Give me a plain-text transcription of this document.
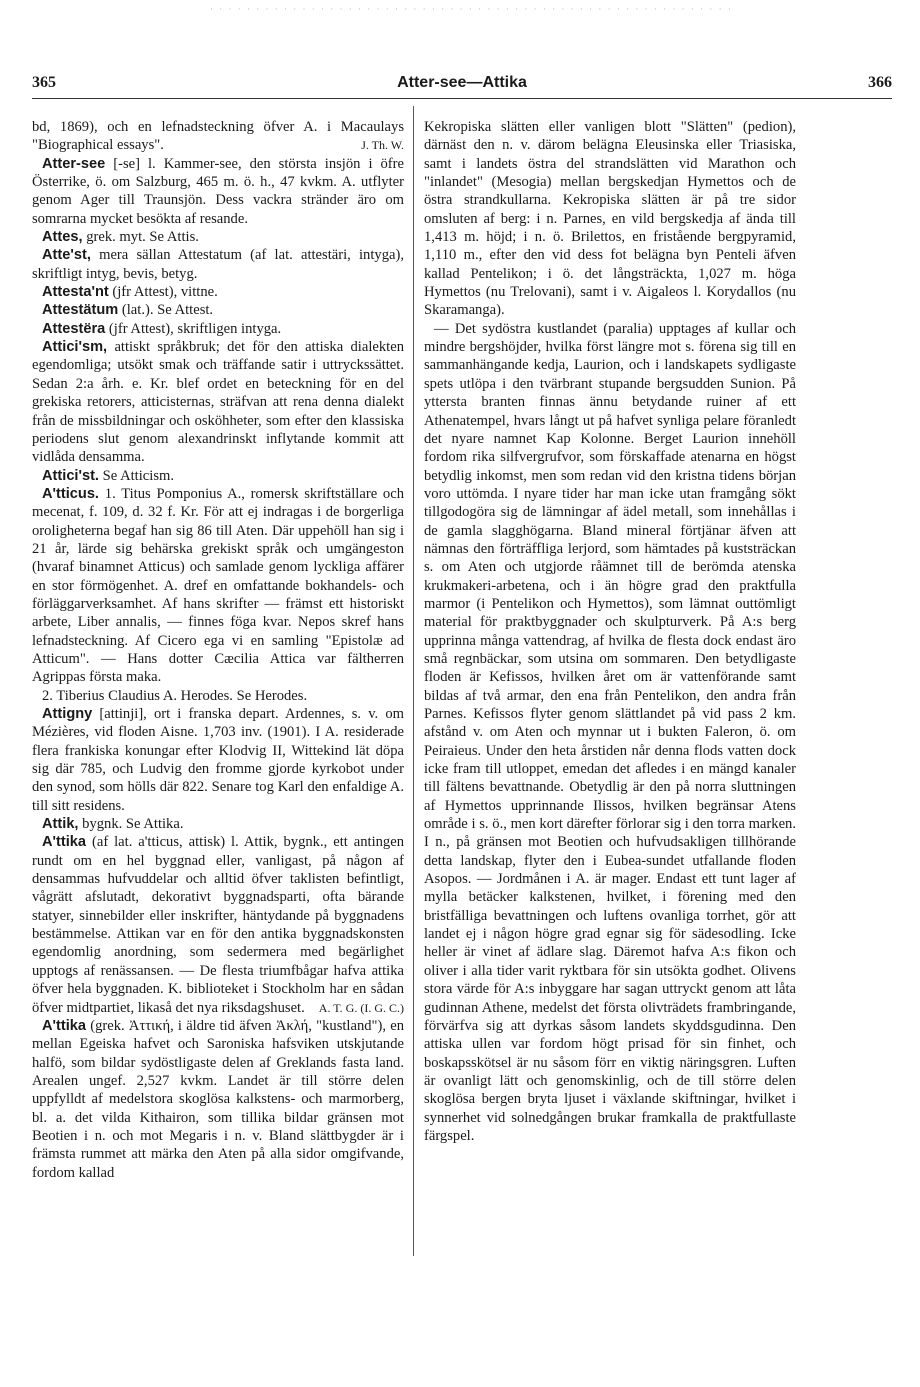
· · · · · · · · · · · · · · · · · · · · · · · · · · · · · · · · · · · · · · · · · · · · · · · · · · · · · · · · ·
365	Atter-see—Attika	366

bd, 1869), och en lefnadsteckning öfver A. i Macaulays "Biographical essays".	J. Th. W.

Atter-see [-se] l. Kammer-see, den största insjön i öfre Österrike, ö. om Salzburg, 465 m. ö. h., 47 kvkm. A. utflyter genom Ager till Traunsjön. Dess vackra stränder äro om somrarna mycket besökta af resande.

Attes, grek. myt. Se Attis.

Atte'st, mera sällan Attestatum (af lat. attestäri, intyga), skriftligt intyg, bevis, betyg.

Attesta'nt (jfr Attest), vittne.

Attestätum (lat.). Se Attest.

Attestëra (jfr Attest), skriftligen intyga.

Attici'sm, attiskt språkbruk; det för den attiska dialekten egendomliga; utsökt smak och träffande satir i uttryckssättet. Sedan 2:a årh. e. Kr. blef ordet en beteckning för en del grekiska retorers, atticisternas, sträfvan att rena denna dialekt från de missbildningar och osköhheter, som efter den klassiska periodens slut genom alexandrinskt inflytande kommit att vidlåda densamma.

Attici'st. Se Atticism.

A'tticus. 1. Titus Pomponius A., romersk skriftställare och mecenat, f. 109, d. 32 f. Kr. För att ej indragas i de borgerliga oroligheterna begaf han sig 86 till Aten. Där uppehöll han sig i 21 år, lärde sig behärska grekiskt språk och umgängeston (hvaraf binamnet Atticus) och samlade genom lyckliga affärer en stor förmögenhet. A. dref en omfattande bokhandels- och förläggarverksamhet. Af hans skrifter — främst ett historiskt arbete, Liber annalis, — finnes föga kvar. Nepos skref hans lefnadsteckning. Af Cicero ega vi en samling "Epistolæ ad Atticum". — Hans dotter Cæcilia Attica var fältherren Agrippas första maka.

2. Tiberius Claudius A. Herodes. Se Herodes.

Attigny [attinji], ort i franska depart. Ardennes, s. v. om Mézières, vid floden Aisne. 1,703 inv. (1901). I A. residerade flera frankiska konungar efter Klodvig II, Wittekind lät döpa sig där 785, och Ludvig den fromme gjorde kyrkobot under den synod, som hölls där 822. Senare tog Karl den enfaldige A. till sitt residens.

Attik, bygnk. Se Attika.

A'ttika (af lat. a'tticus, attisk) l. Attik, bygnk., ett antingen rundt om en hel byggnad eller, vanligast, på någon af densammas hufvuddelar och alltid öfver taklisten befintligt, vågrätt afslutadt, dekorativt byggnadsparti, ofta bärande statyer, sinnebilder eller inskrifter, häntydande på byggnadens bestämmelse. Attikan var en för den antika byggnadskonsten egendomlig anordning, som sedermera med begärlighet upptogs af renässansen. — De flesta triumfbågar hafva attika öfver hela byggnaden. K. biblioteket i Stockholm har en sådan öfver midtpartiet, likaså det nya riksdagshuset.	A. T. G. (I. G. C.)

A'ttika (grek. Ἀττική, i äldre tid äfven Ἀκλή, "kustland"), en mellan Egeiska hafvet och Saroniska hafsviken utskjutande halfö, som bildar sydöstligaste delen af Greklands fasta land. Arealen ungef. 2,527 kvkm. Landet är till större delen uppfylldt af medelstora skoglösa kalkstens- och marmorberg, bl. a. det vilda Kithairon, som tillika bildar gränsen mot Beotien i n. och mot Megaris i n. v. Bland slättbygder är i främsta rummet att märka den Aten på alla sidor omgifvande, fordom kallad

Kekropiska slätten eller vanligen blott "Slätten" (pedion), därnäst den n. v. därom belägna Eleusinska eller Triasiska, samt i landets östra del strandslätten vid Marathon och "inlandet" (Mesogia) mellan bergskedjan Hymettos och de östra strandkullarna. Kekropiska slätten är på tre sidor omsluten af berg: i n. Parnes, en vild bergskedja af ända till 1,413 m. höjd; i n. ö. Brilettos, en fristående bergpyramid, 1,110 m., efter den vid dess fot belägna byn Penteli äfven kallad Pentelikon; i ö. det långsträckta, 1,027 m. höga Hymettos (nu Trelovani), samt i v. Aigaleos l. Korydallos (nu Skaramanga).

— Det sydöstra kustlandet (paralia) upptages af kullar och mindre bergshöjder, hvilka först längre mot s. förena sig till en sammanhängande kedja, Laurion, och i landskapets sydligaste spets utlöpa i den tvärbrant stupande bergsudden Sunion. På yttersta branten finnas ännu betydande ruiner af ett Athenatempel, hvars långt ut på hafvet synliga pelare föranledt det nyare namnet Kap Kolonne. Berget Laurion innehöll fordom rika silfvergrufvor, som förskaffade atenarna en högst betydlig inkomst, men som redan vid den kristna tidens början voro uttömda. I nyare tider har man icke utan framgång sökt tillgodogöra sig de lämningar af ädel metall, som innehållas i de gamla slagghögarna. Bland mineral förtjänar äfven att nämnas den förträffliga lerjord, som hämtades på kuststräckan s. om Aten och utgjorde råämnet till de berömda atenska krukmakeri-arbetena, och i än högre grad den praktfulla marmor (i Pentelikon och Hymettos), som lämnat outtömligt material för praktbyggnader och skulpturverk. På A:s berg upprinna många vattendrag, af hvilka de flesta dock endast äro små regnbäckar, som utsina om sommaren. Den betydligaste floden är Kefissos, hvilken året om är vattenförande samt bildas af två armar, den ena från Pentelikon, den andra från Parnes. Kefissos flyter genom slättlandet på vid pass 2 km. afstånd v. om Aten och mynnar ut i bukten Faleron, ö. om Peiraieus. Under den heta årstiden når denna flods vatten dock icke fram till utloppet, emedan det afledes i en mängd kanaler till fältens bevattnande. Obetydlig är den på norra sluttningen af Hymettos upprinnande Ilissos, hvilken begränsar Atens område i s. ö., men kort därefter förlorar sig i den torra marken. I n., på gränsen mot Beotien och hufvudsakligen tillhörande detta landskap, flyter den i Eubea-sundet utfallande floden Asopos. — Jordmånen i A. är mager. Endast ett tunt lager af mylla betäcker kalkstenen, hvilket, i förening med den bristfälliga bevattningen och luftens ovanliga torrhet, gör att landet ej i någon högre grad egnar sig för sädesodling. Icke heller är vinet af ädlare slag. Däremot hafva A:s fikon och oliver i alla tider varit ryktbara för sin utsökta godhet. Olivens stora värde för A:s inbyggare har sagan uttryckt genom att låta gudinnan Athene, medelst det första olivträdets frambringande, förvärfva sig att dyrkas såsom landets skyddsgudinna. Den attiska ullen var fordom högt prisad för sin finhet, och boskapsskötsel är nu såsom förr en viktig näringsgren. Luften är ovanligt lätt och genomskinlig, och de till större delen skoglösa bergen bryta ljuset i växlande skiftningar, hvilket i synnerhet vid solnedgången brukar framkalla de praktfullaste färgspel.
